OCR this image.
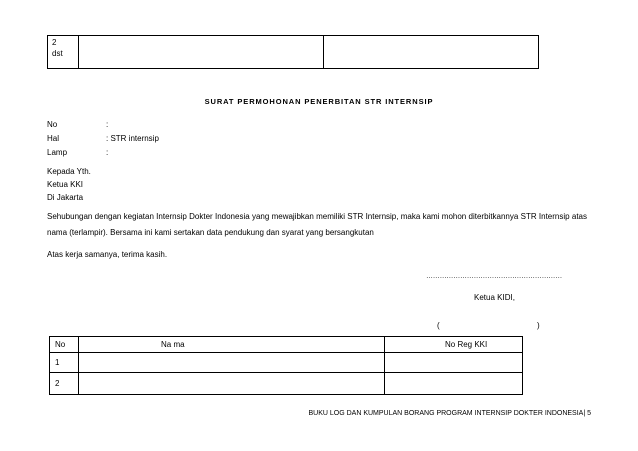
2
dst

SURAT PERMOHONAN PENERBITAN STR INTERNSIP
No	:
Hal	: STR internsip
Lamp	:
Kepada Yth.
Ketua KKI
Di Jakarta
Sehubungan dengan kegiatan Internsip Dokter Indonesia yang mewajibkan memiliki STR Internsip, maka kami mohon diterbitkannya STR Internsip atas nama (terlampir). Bersama ini kami sertakan data pendukung dan syarat yang bersangkutan
Atas kerja samanya, terima kasih.
……………………………………………………
Ketua KIDI,
(	)
No	Na ma	No Reg KKI
1		
2		
BUKU LOG DAN KUMPULAN BORANG PROGRAM INTERNSIP DOKTER INDONESIA| 5
